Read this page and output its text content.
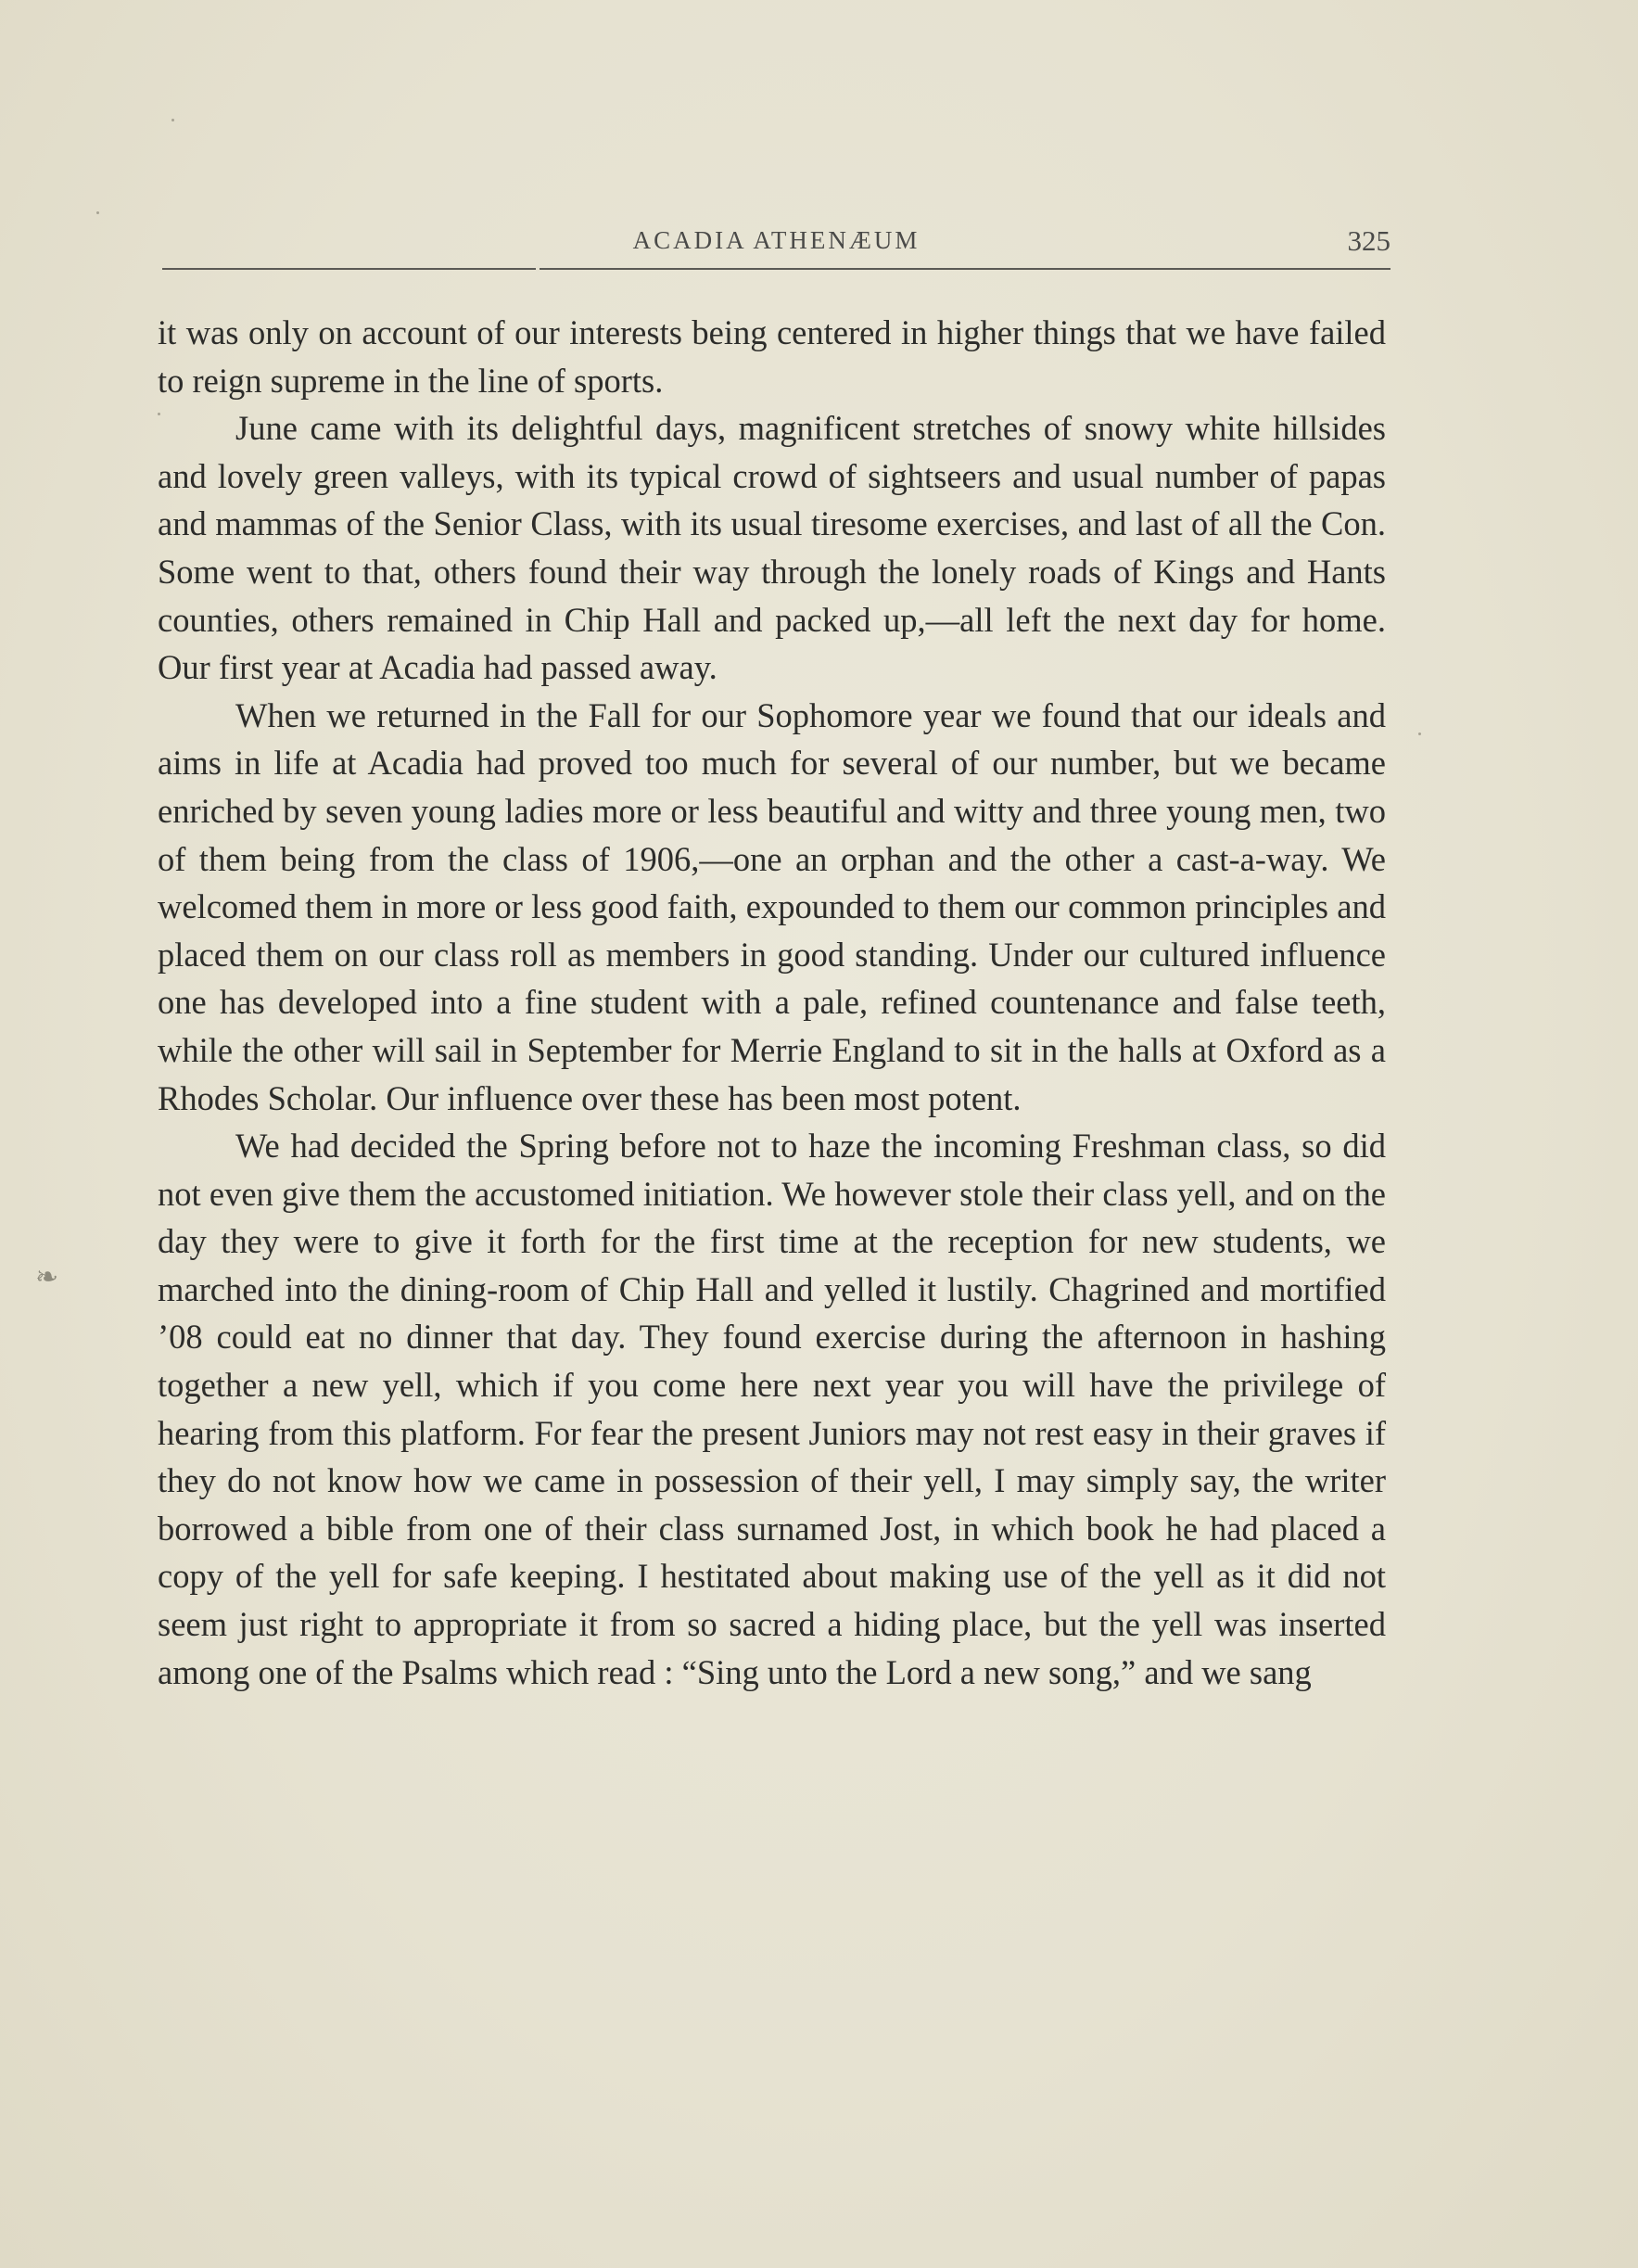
ACADIA ATHENÆUM	325

it was only on account of our interests being centered in higher things that we have failed to reign supreme in the line of sports.

June came with its delightful days, magnificent stretches of snowy white hillsides and lovely green valleys, with its typical crowd of sightseers and usual number of papas and mammas of the Senior Class, with its usual tiresome exercises, and last of all the Con. Some went to that, others found their way through the lonely roads of Kings and Hants counties, others remained in Chip Hall and packed up,—all left the next day for home. Our first year at Acadia had passed away.

When we returned in the Fall for our Sophomore year we found that our ideals and aims in life at Acadia had proved too much for several of our number, but we became enriched by seven young ladies more or less beautiful and witty and three young men, two of them being from the class of 1906,—one an orphan and the other a cast-a-way. We welcomed them in more or less good faith, expounded to them our common principles and placed them on our class roll as members in good standing. Under our cultured influence one has developed into a fine student with a pale, refined countenance and false teeth, while the other will sail in September for Merrie England to sit in the halls at Oxford as a Rhodes Scholar. Our influence over these has been most potent.

We had decided the Spring before not to haze the incoming Freshman class, so did not even give them the accustomed initiation. We however stole their class yell, and on the day they were to give it forth for the first time at the reception for new students, we marched into the dining-room of Chip Hall and yelled it lustily. Chagrined and mortified ’08 could eat no dinner that day. They found exercise during the afternoon in hashing together a new yell, which if you come here next year you will have the privilege of hearing from this platform. For fear the present Juniors may not rest easy in their graves if they do not know how we came in possession of their yell, I may simply say, the writer borrowed a bible from one of their class surnamed Jost, in which book he had placed a copy of the yell for safe keeping. I hestitated about making use of the yell as it did not seem just right to appropriate it from so sacred a hiding place, but the yell was inserted among one of the Psalms which read : “Sing unto the Lord a new song,” and we sang

❧
